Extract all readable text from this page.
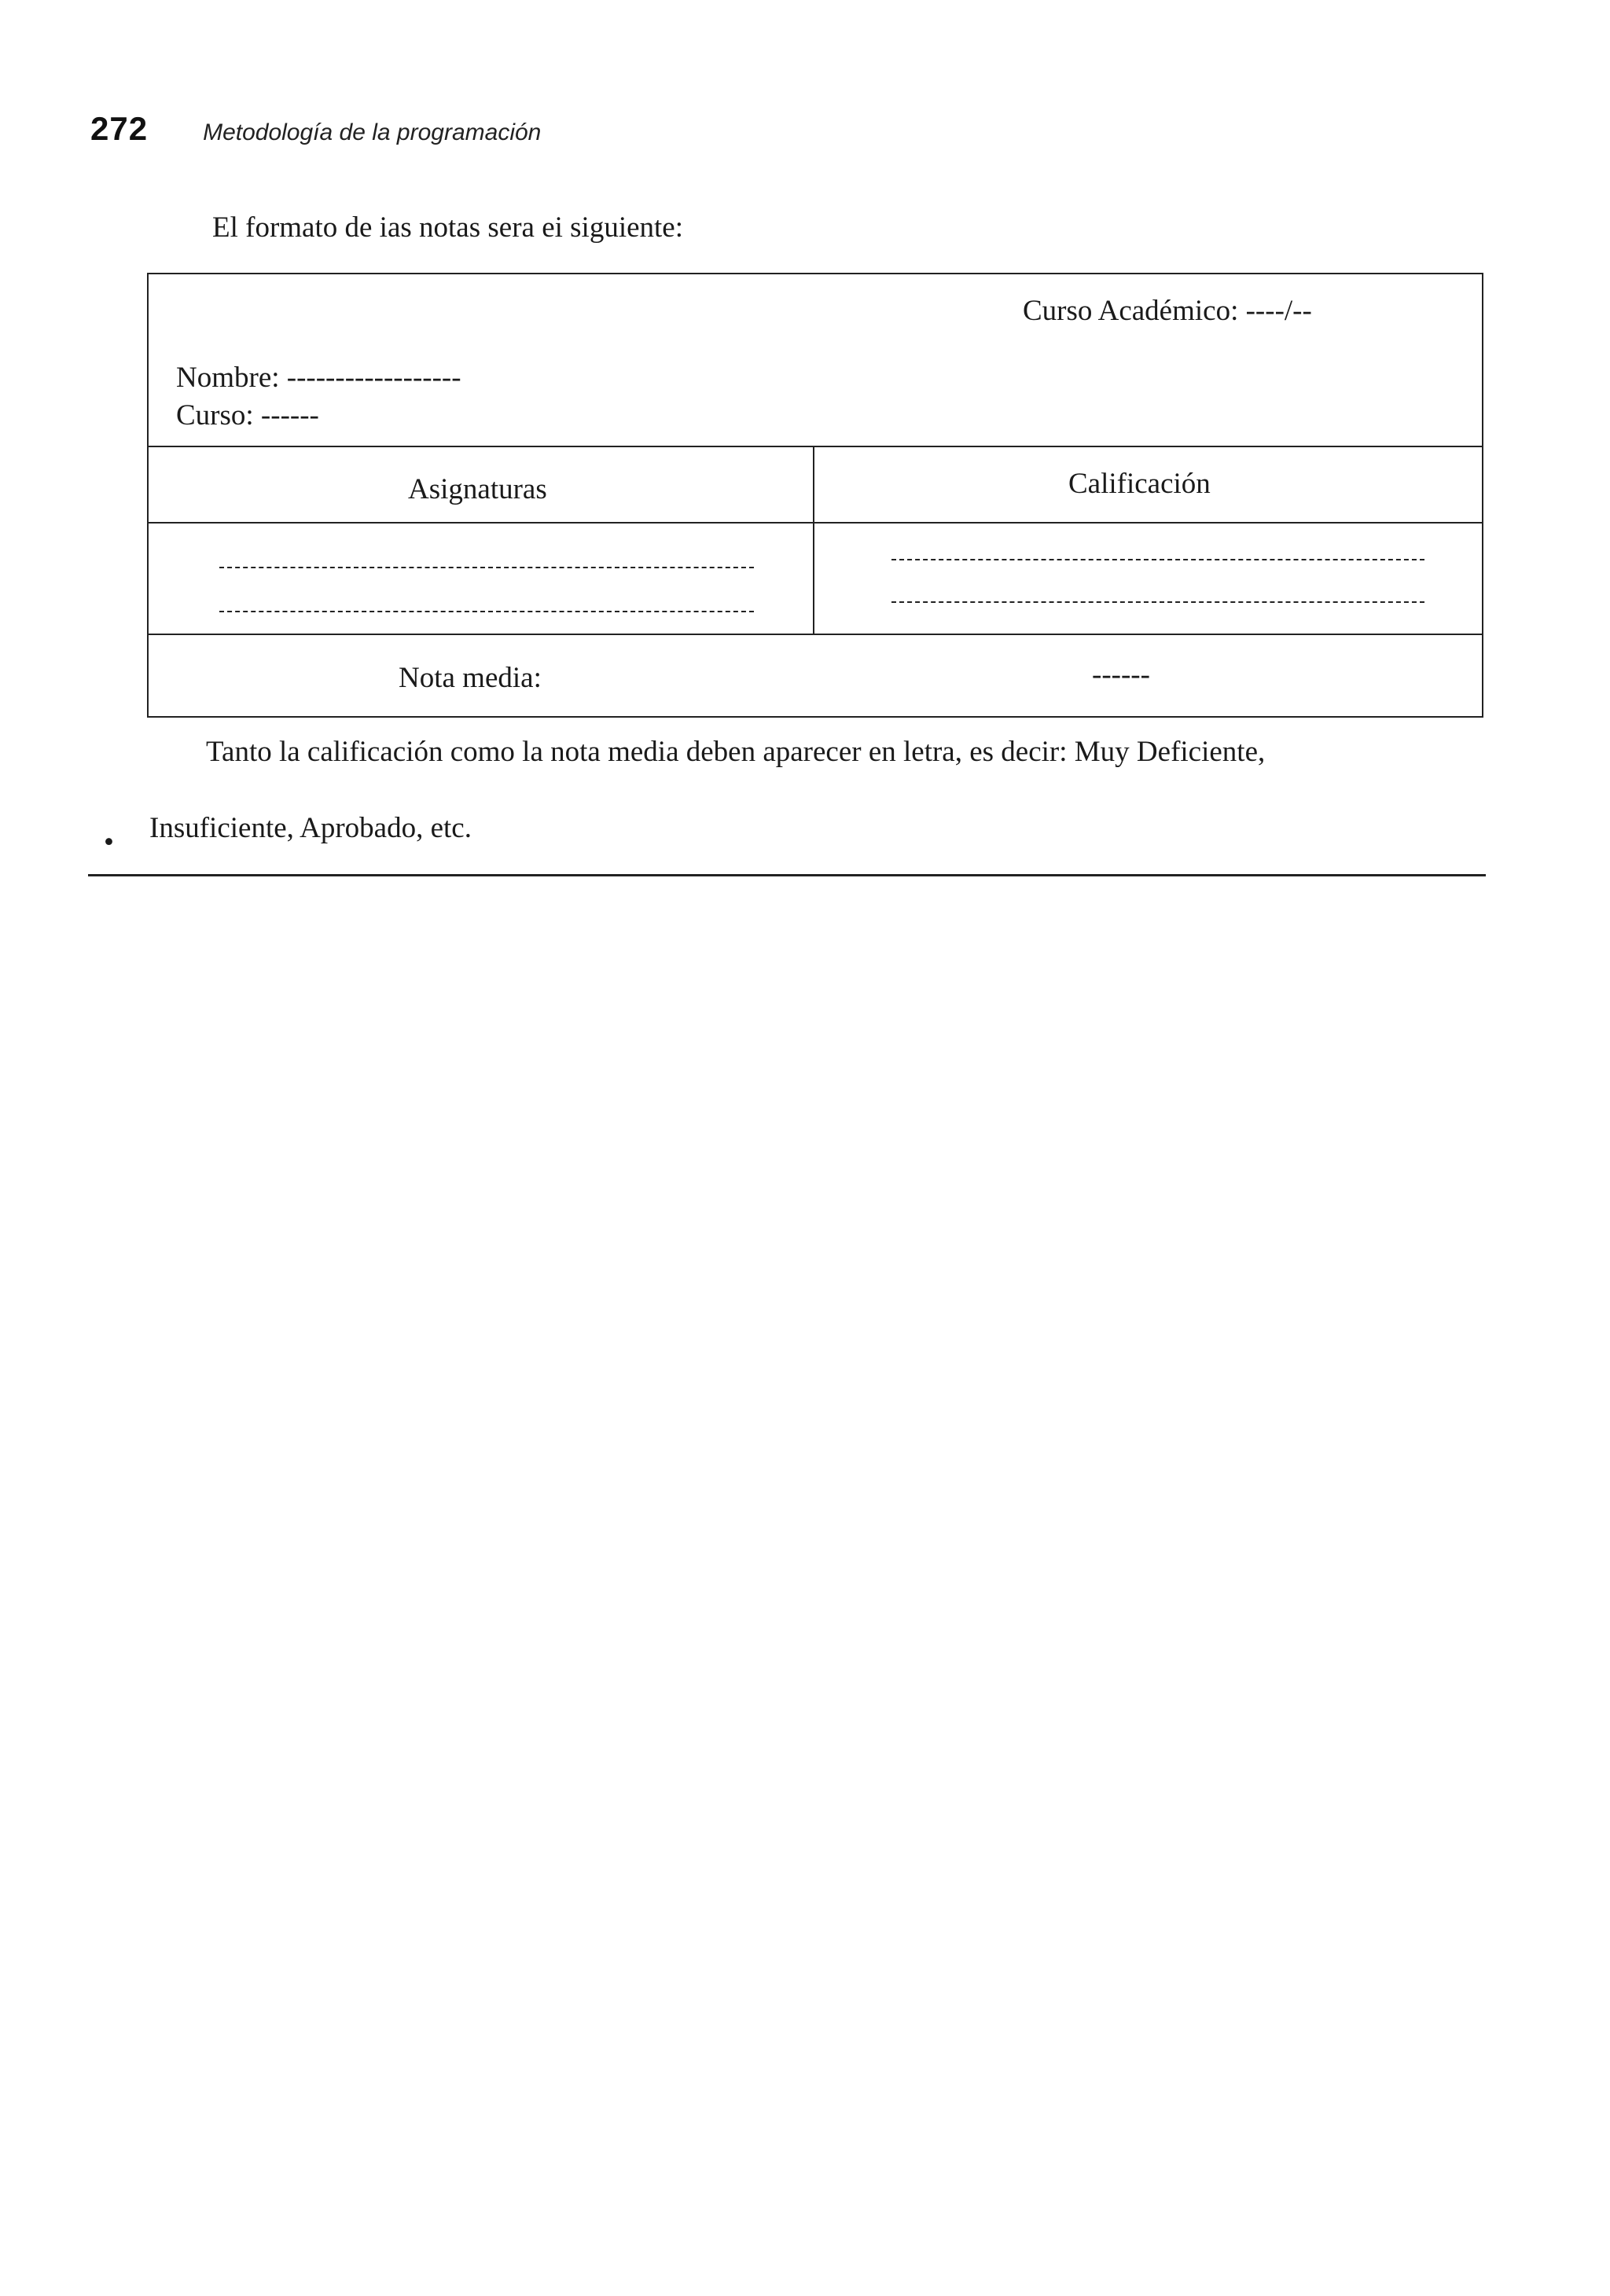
272 Metodología de la programación
El formato de ias notas sera ei siguiente:
Curso Académico: ----/--
Nombre: ------------------
Curso: ------
Asignaturas	Calificación
Nota media:	------
Tanto la calificación como la nota media deben aparecer en letra, es decir: Muy Deficiente,
• Insuficiente, Aprobado, etc.
